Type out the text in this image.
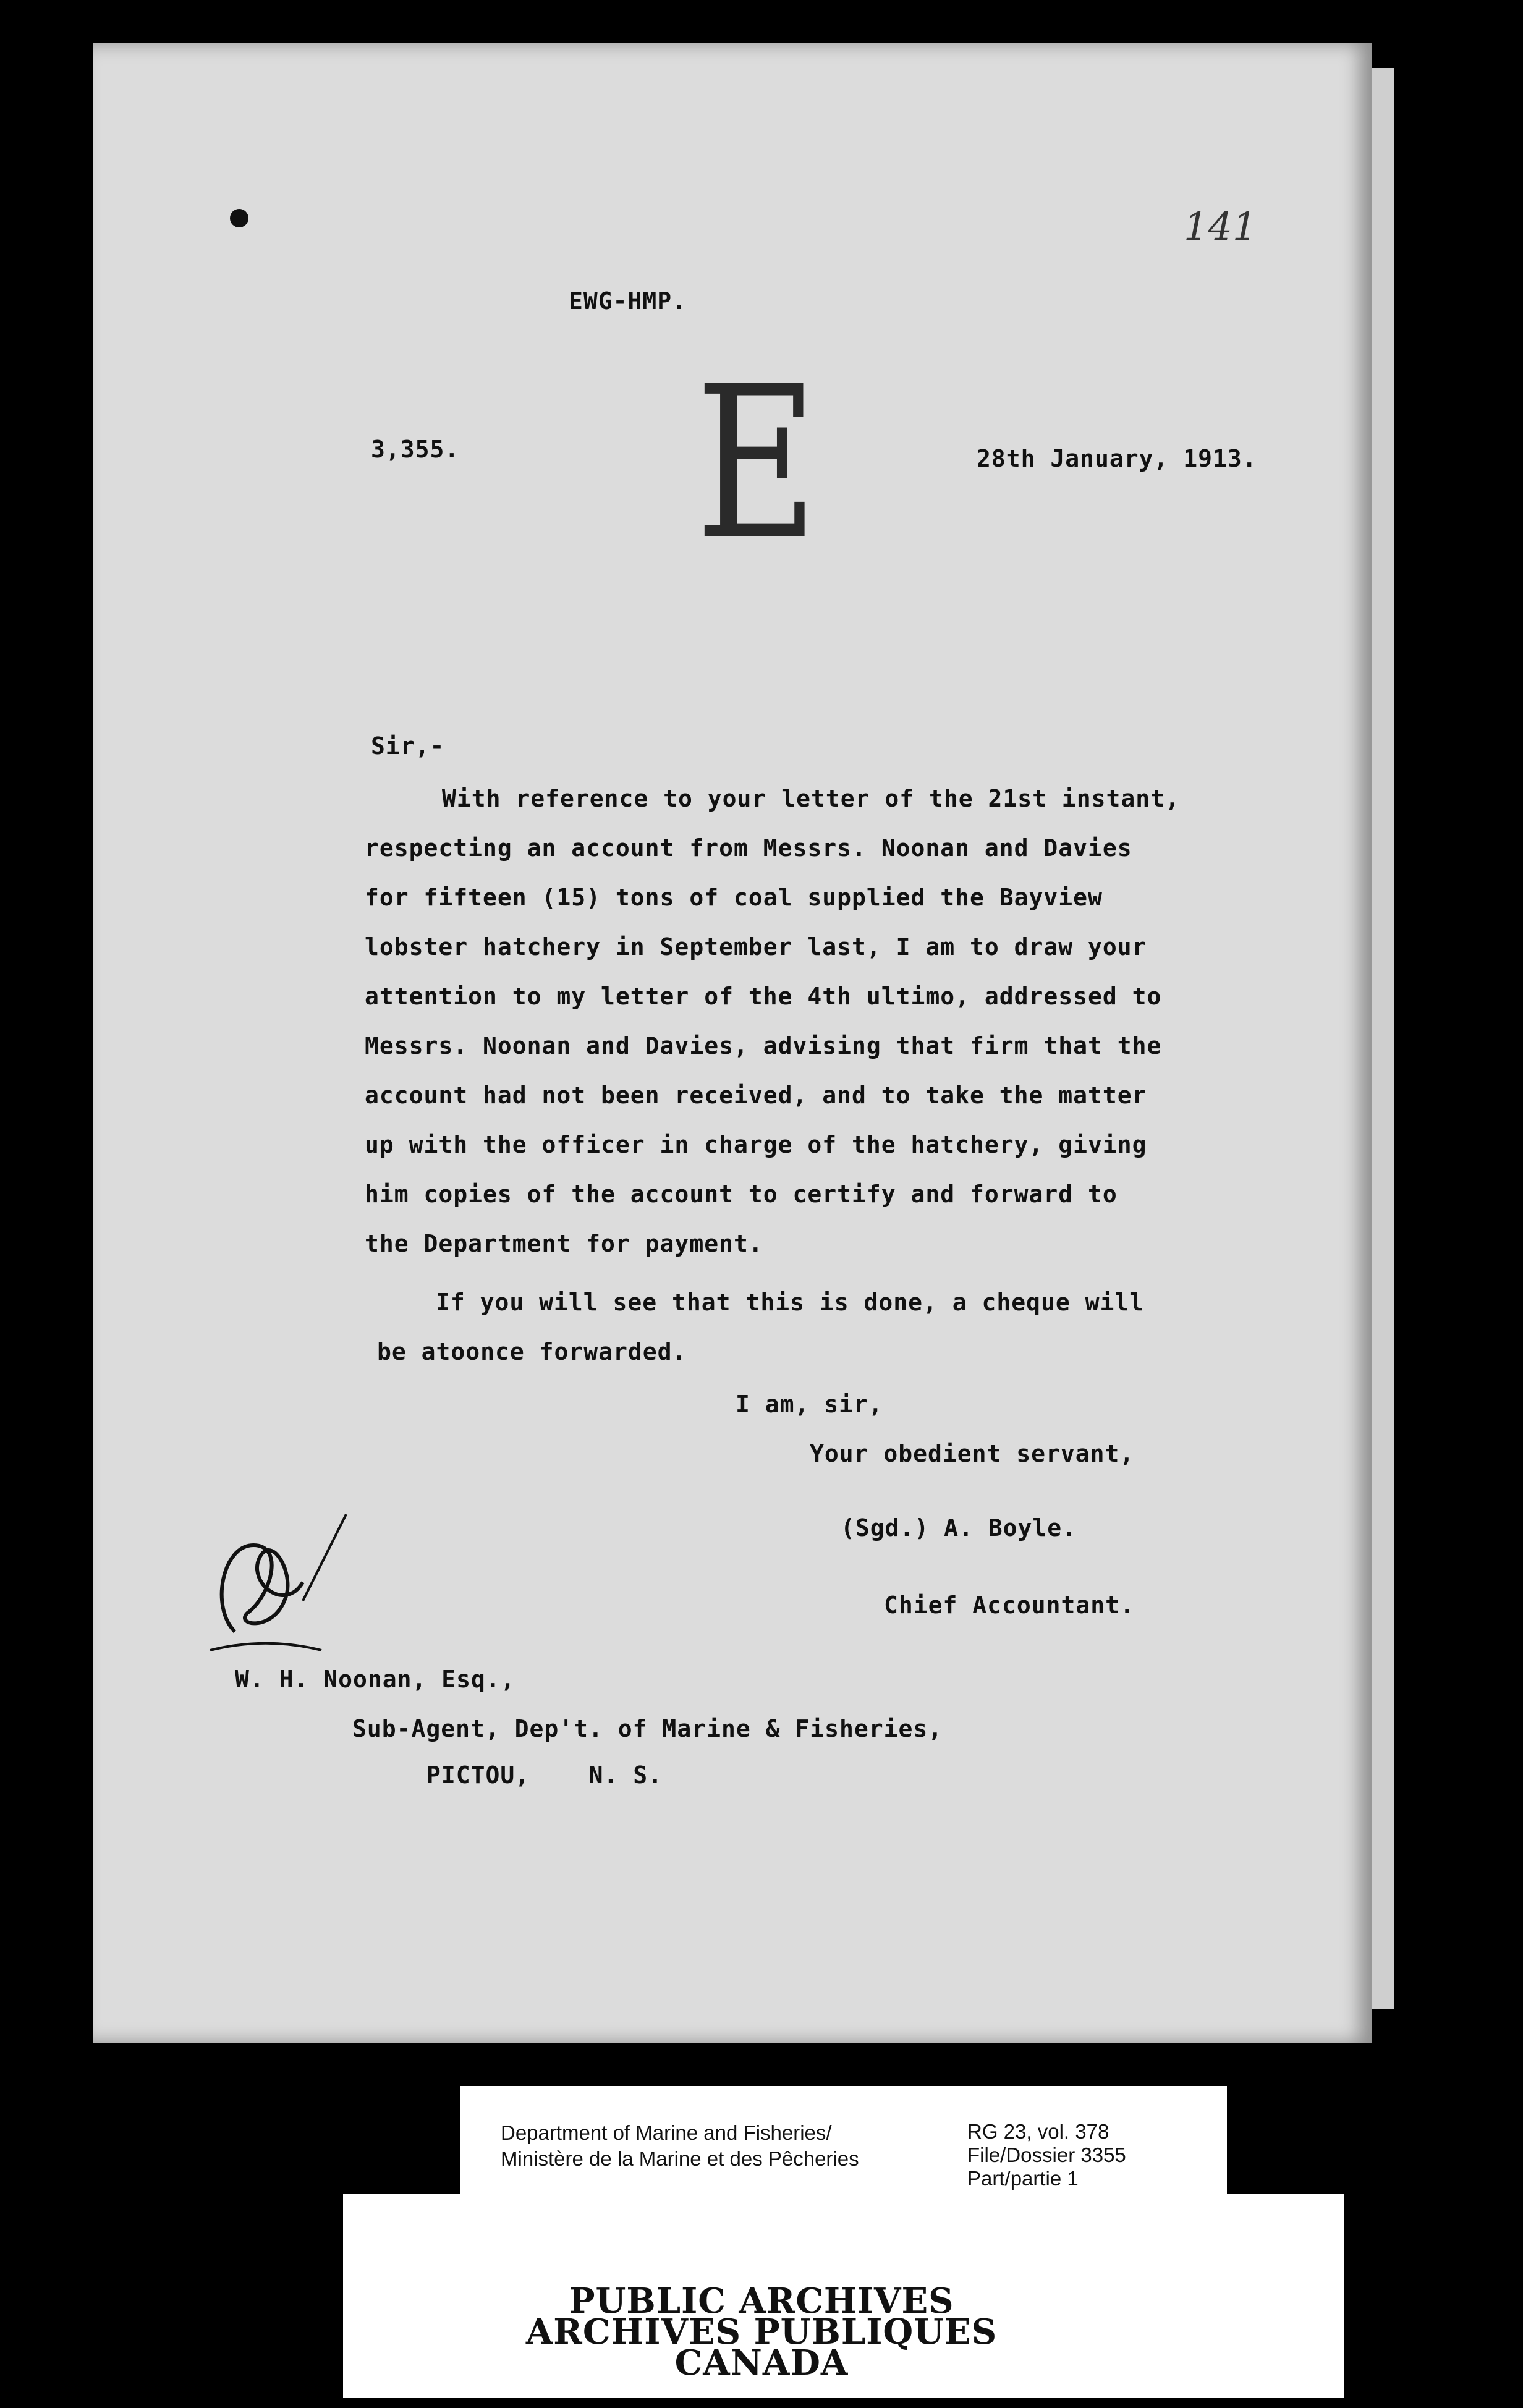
141
E
EWG-HMP.
3,355.	28th January, 1913.
Sir,-
With reference to your letter of the 21st instant,
respecting an account from Messrs. Noonan and Davies
for fifteen (15) tons of coal supplied the Bayview
lobster hatchery in September last, I am to draw your
attention to my letter of the 4th ultimo, addressed to
Messrs. Noonan and Davies, advising that firm that the
account had not been received, and to take the matter
up with the officer in charge of the hatchery, giving
him copies of the account to certify and forward to
the Department for payment.
If you will see that this is done, a cheque will
be atoonce forwarded.
I am, sir,
Your obedient servant,
(Sgd.) A. Boyle.
Chief Accountant.
W. H. Noonan, Esq.,
Sub-Agent, Dep't. of Marine & Fisheries,
PICTOU,    N. S.
Department of Marine and Fisheries/
Ministère de la Marine et des Pêcheries
RG 23, vol. 378
File/Dossier 3355
Part/partie 1
PUBLIC ARCHIVES
ARCHIVES PUBLIQUES
CANADA
